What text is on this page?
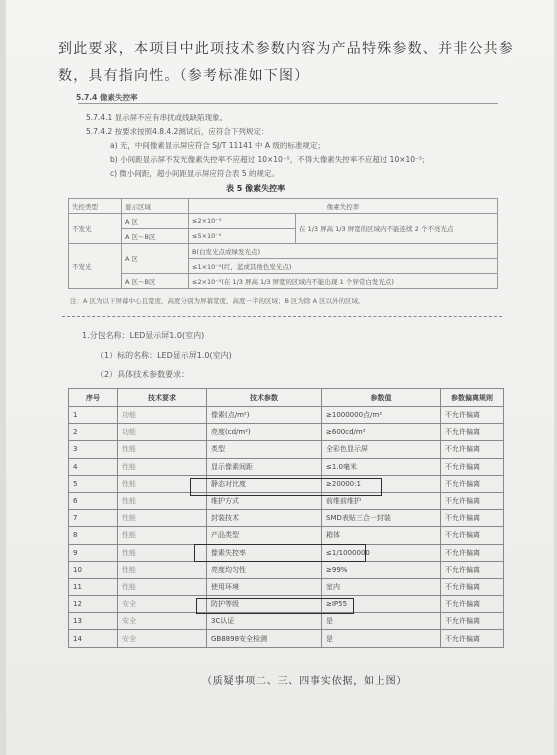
到此要求，本项目中此项技术参数内容为产品特殊参数、并非公共参
数，具有指向性。（参考标准如下图）
5.7.4 像素失控率
5.7.4.1 显示屏不应有串扰或线缺陷现象。
5.7.4.2 按要求按照4.8.4.2测试后，应符合下列规定：
a) 无，中间像素显示屏应符合 SJ/T 11141 中 A 级的标准规定；
b) 小间距显示屏不发光像素失控率不应超过 10×10⁻⁵，不得大像素失控率不应超过 10×10⁻⁵；
c) 微小间距，超小间距显示屏应符合表 5 的规定。
表 5 像素失控率
失控类型	显示区域	像素失控率	
不发光	A 区	≤2×10⁻⁵	在 1/3 屏高 1/3 屏宽的区域内不能连续 2 个不亮光点
	A 区～B区	≤5×10⁻⁵	
不发光	A 区	B(白发光点或绿发光点)	
		≤1×10⁻⁵(红，蓝或其他色发光点)	
	A 区～B区	≤2×10⁻⁵(在 1/3 屏高 1/3 屏宽的区域内不能出现 1 个异常白发光点)	
注：A 区为以下屏幕中心且宽度，高度分别为屏幕宽度、高度一半的区域；B 区为除 A 区以外的区域。
1.分包名称：LED显示屏1.0(室内)
（1）标的名称：LED显示屏1.0(室内)
（2）具体技术参数要求：
序号	技术要求	技术参数	参数值	参数偏离规则
1	功能	像素(点/m²)	≥1000000点/m²	不允许偏离
2	功能	亮度(cd/m²)	≥600cd/m²	不允许偏离
3	性能	类型	全彩色显示屏	不允许偏离
4	性能	显示像素间距	≤1.0毫米	不允许偏离
5	性能	静态对比度	≥20000:1	不允许偏离
6	性能	维护方式	前维前维护	不允许偏离
7	性能	封装技术	SMD表贴三合一封装	不允许偏离
8	性能	产品类型	箱体	不允许偏离
9	性能	像素失控率	≤1/1000000	不允许偏离
10	性能	亮度均匀性	≥99%	不允许偏离
11	性能	使用环境	室内	不允许偏离
12	安全	防护等级	≥IP55	不允许偏离
13	安全	3C认证	是	不允许偏离
14	安全	GB8898安全检测	是	不允许偏离
（质疑事项二、三、四事实依据，如上图）
